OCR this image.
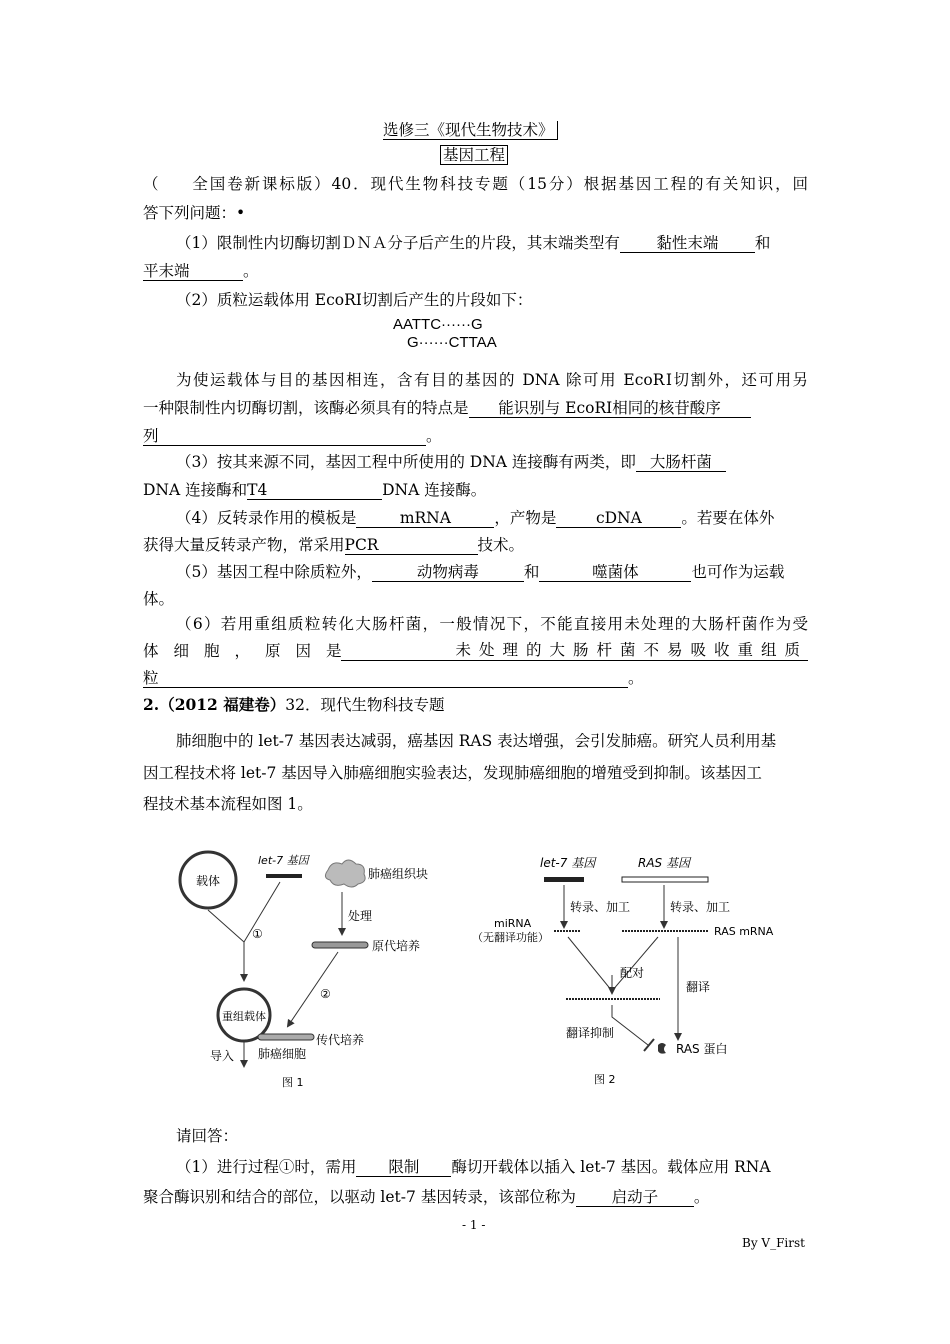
选修三《现代生物技术》
基因工程
（ 全国卷新课标版）40．现代生物科技专题（15分）根据基因工程的有关知识，回
答下列问题：•
（1）限制性内切酶切割ＤＮＡ分子后产生的片段，其末端类型有 黏性末端 和
平末端	。
（2）质粒运载体用 EcoRⅠ切割后产生的片段如下：
AATTC······G
G······CTTAA
为使运载体与目的基因相连，含有目的基因的 DNA 除可用 EcoRⅠ切割外，还可用另
一种限制性内切酶切割，该酶必须具有的特点是 能识别与 EcoRⅠ相同的核苷酸序
列	。
（3）按其来源不同，基因工程中所使用的 DNA 连接酶有两类，即 大肠杆菌
DNA 连接酶和T4	DNA 连接酶。
（4）反转录作用的模板是	mRNA	，产物是	cDNA	。若要在体外
获得大量反转录产物，常采用PCR	技术。
（5）基因工程中除质粒外，	动物病毒	和	噬菌体	也可作为运载
体。
（6）若用重组质粒转化大肠杆菌，一般情况下，不能直接用未处理的大肠杆菌作为受
体细胞，原因是	未处理的大肠杆菌不易吸收重组质
粒	。
2.（2012 福建卷）32．现代生物科技专题
肺细胞中的 let-7 基因表达减弱，癌基因 RAS 表达增强，会引发肺癌。研究人员利用基
因工程技术将 let-7 基因导入肺癌细胞实验表达，发现肺癌细胞的增殖受到抑制。该基因工
程技术基本流程如图 1。
载体
let-7 基因
肺癌组织块
①
重组载体
处理
原代培养
②
导入
传代培养
肺癌细胞
图 1
let-7 基因	RAS 基因
转录、加工	转录、加工
miRNA
（无翻译功能）	RAS mRNA
配对
翻译
翻译抑制
RAS 蛋白
图 2
请回答：
（1）进行过程①时，需用 限制 酶切开载体以插入 let-7 基因。载体应用 RNA
聚合酶识别和结合的部位，以驱动 let-7 基因转录，该部位称为 启动子 。
- 1 -
By V_First
